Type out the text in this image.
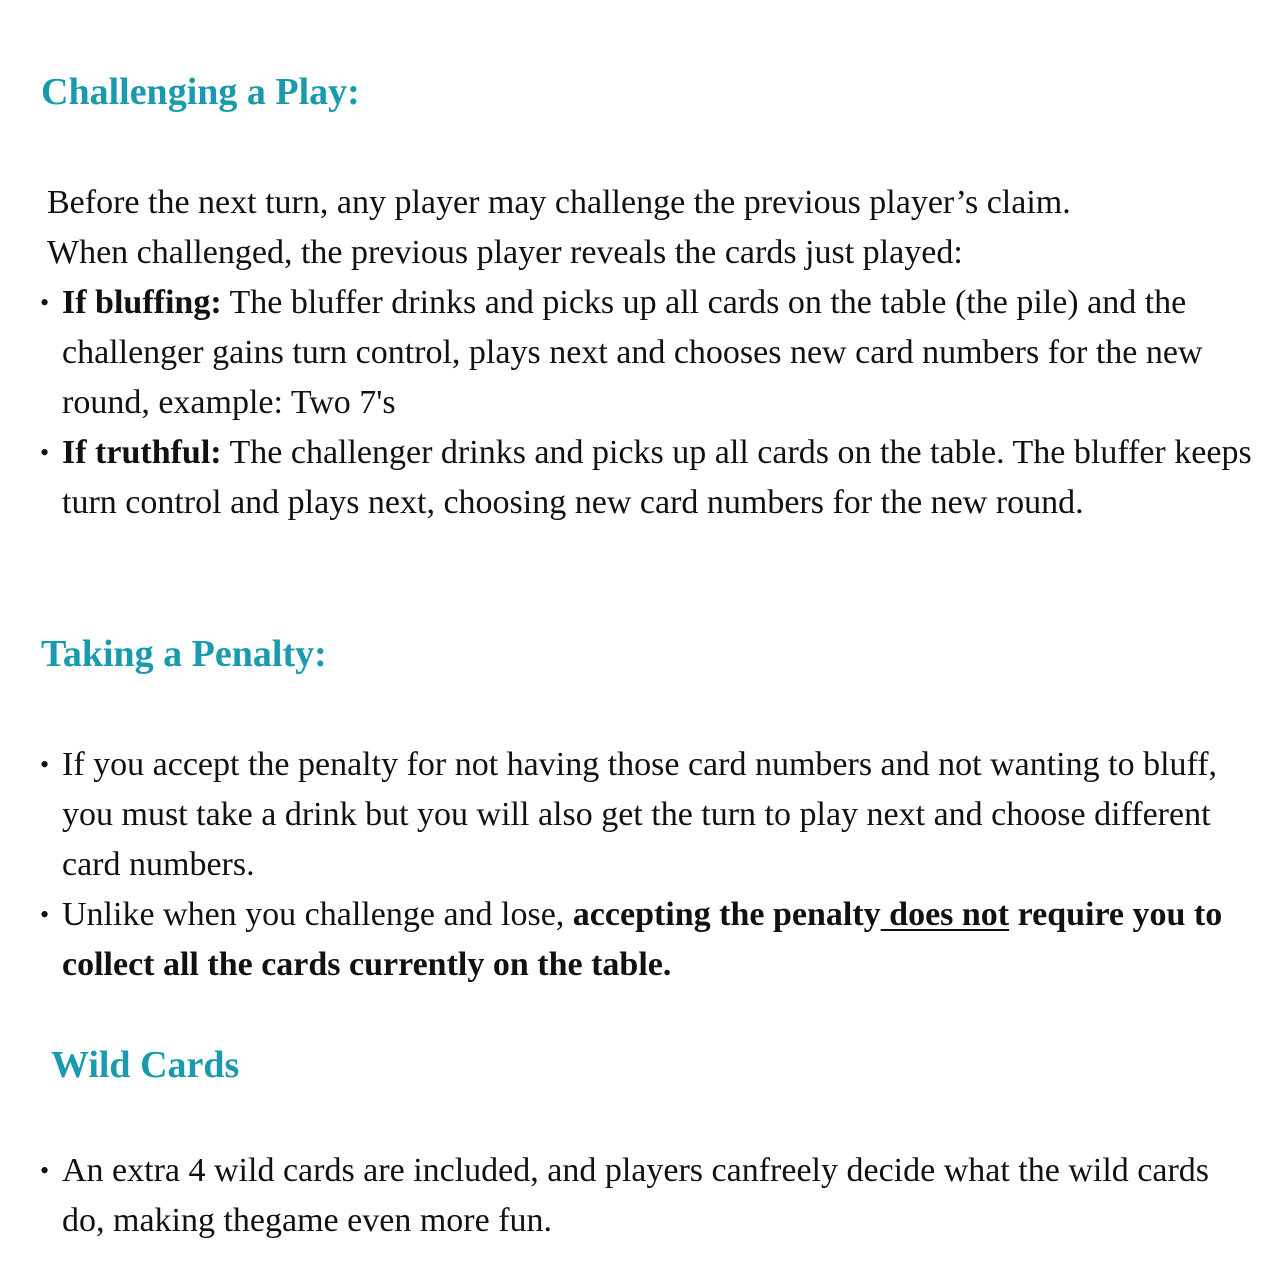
Challenging a Play:

Before the next turn, any player may challenge the previous player’s claim.

When challenged, the previous player reveals the cards just played:

• If bluffing: The bluffer drinks and picks up all cards on the table (the pile) and the challenger gains turn control, plays next and chooses new card numbers for the new round, example: Two 7's
• If truthful: The challenger drinks and picks up all cards on the table. The bluffer keeps turn control and plays next, choosing new card numbers for the new round.
Taking a Penalty:
• If you accept the penalty for not having those card numbers and not wanting to bluff, you must take a drink but you will also get the turn to play next and choose different card numbers.
• Unlike when you challenge and lose, accepting the penalty does not require you to collect all the cards currently on the table.
Wild Cards
• An extra 4 wild cards are included, and players canfreely decide what the wild cards do, making thegame even more fun.
